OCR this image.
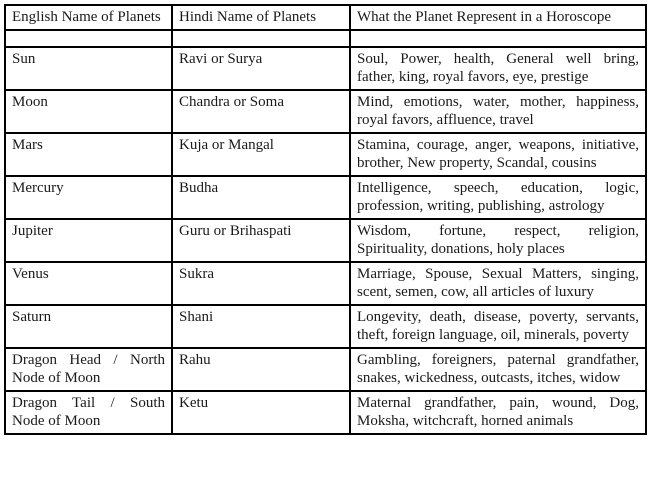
English Name of Planets	Hindi Name of Planets	What the Planet Represent in a Horoscope

Sun	Ravi or Surya	Soul, Power, health, General well bring, father, king, royal favors, eye, prestige
Moon	Chandra or Soma	Mind, emotions, water, mother, happiness, royal favors, affluence, travel
Mars	Kuja or Mangal	Stamina, courage, anger, weapons, initiative, brother, New property, Scandal, cousins
Mercury	Budha	Intelligence, speech, education, logic, profession, writing, publishing, astrology
Jupiter	Guru or Brihaspati	Wisdom, fortune, respect, religion, Spirituality, donations, holy places
Venus	Sukra	Marriage, Spouse, Sexual Matters, singing, scent, semen, cow, all articles of luxury
Saturn	Shani	Longevity, death, disease, poverty, servants, theft, foreign language, oil, minerals, poverty
Dragon Head / North Node of Moon	Rahu	Gambling, foreigners, paternal grandfather, snakes, wickedness, outcasts, itches, widow
Dragon Tail / South Node of Moon	Ketu	Maternal grandfather, pain, wound, Dog, Moksha, witchcraft, horned animals
